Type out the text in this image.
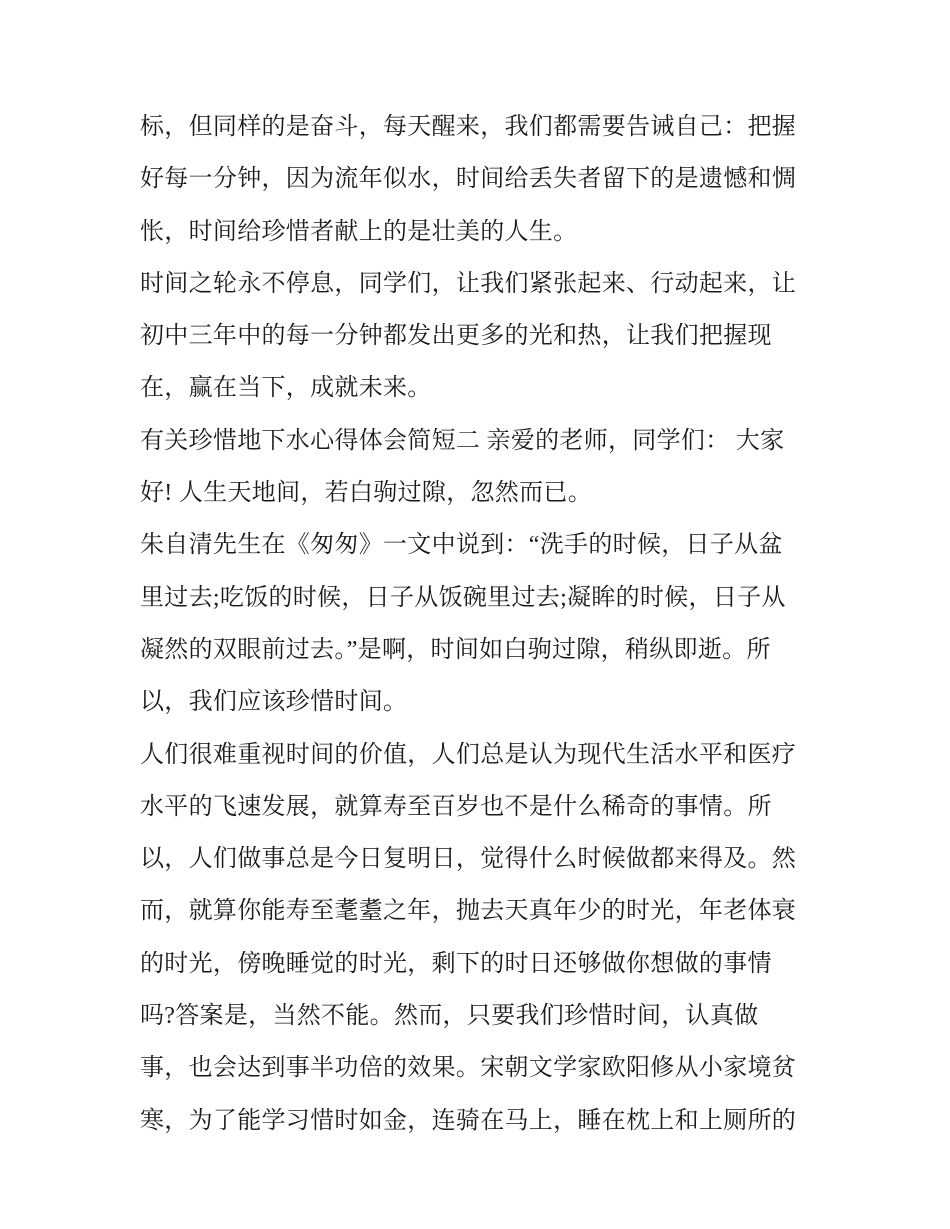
标，但同样的是奋斗，每天醒来，我们都需要告诫自己：把握
好每一分钟，因为流年似水，时间给丢失者留下的是遗憾和惆
怅，时间给珍惜者献上的是壮美的人生。
时间之轮永不停息，同学们，让我们紧张起来、行动起来，让
初中三年中的每一分钟都发出更多的光和热，让我们把握现
在，赢在当下，成就未来。
有关珍惜地下水心得体会简短二 亲爱的老师，同学们： 大家
好! 人生天地间，若白驹过隙，忽然而已。
朱自清先生在《匆匆》一文中说到：“洗手的时候，日子从盆
里过去;吃饭的时候，日子从饭碗里过去;凝眸的时候，日子从
凝然的双眼前过去。”是啊，时间如白驹过隙，稍纵即逝。所
以，我们应该珍惜时间。
人们很难重视时间的价值，人们总是认为现代生活水平和医疗
水平的飞速发展，就算寿至百岁也不是什么稀奇的事情。所
以，人们做事总是今日复明日，觉得什么时候做都来得及。然
而，就算你能寿至耄耋之年，抛去天真年少的时光，年老体衰
的时光，傍晚睡觉的时光，剩下的时日还够做你想做的事情
吗?答案是，当然不能。然而，只要我们珍惜时间，认真做
事，也会达到事半功倍的效果。宋朝文学家欧阳修从小家境贫
寒，为了能学习惜时如金，连骑在马上，睡在枕上和上厕所的
